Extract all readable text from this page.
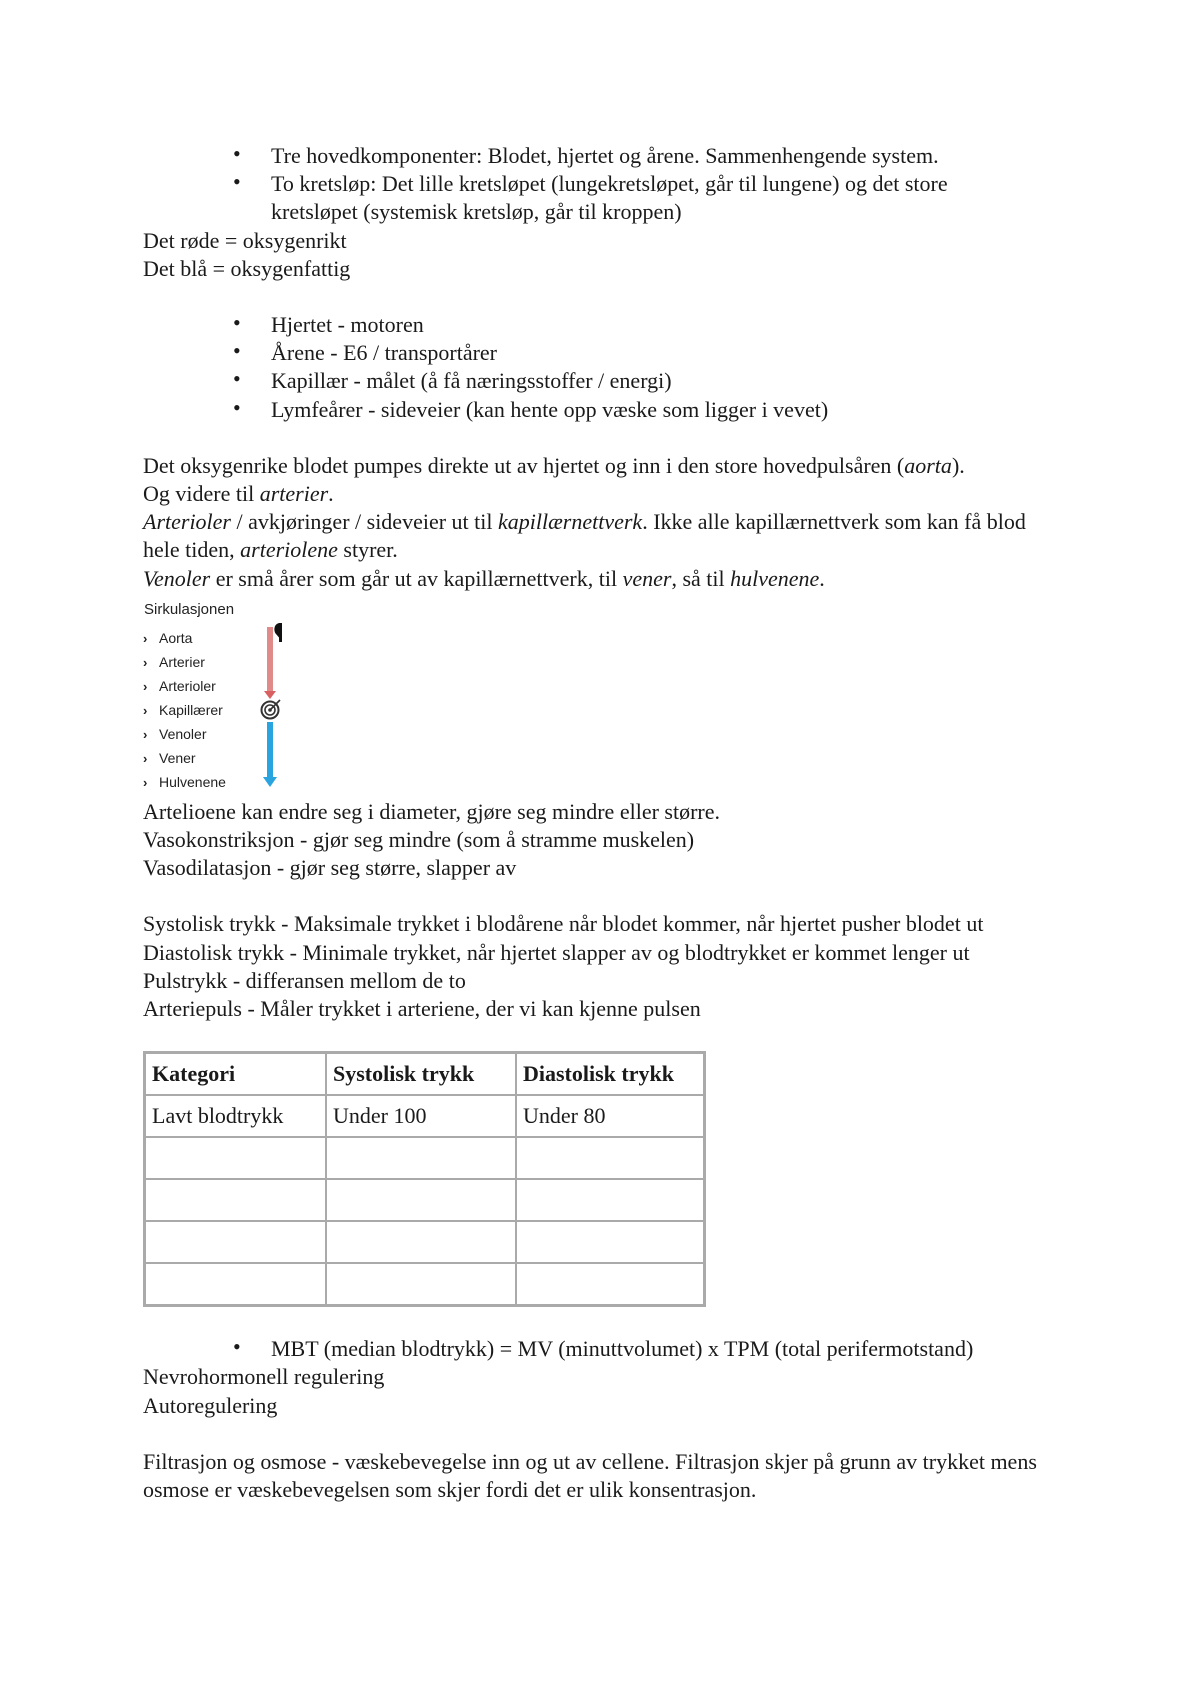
• Tre hovedkomponenter: Blodet, hjertet og årene. Sammenhengende system.
• To kretsløp: Det lille kretsløpet (lungekretsløpet, går til lungene) og det store kretsløpet (systemisk kretsløp, går til kroppen)

Det røde = oksygenrikt

Det blå = oksygenfattig

• Hjertet - motoren
• Årene - E6 / transportårer
• Kapillær - målet (å få næringsstoffer / energi)
• Lymfeårer - sideveier (kan hente opp væske som ligger i vevet)

Det oksygenrike blodet pumpes direkte ut av hjertet og inn i den store hovedpulsåren (aorta).

Og videre til arterier.

Arterioler / avkjøringer / sideveier ut til kapillærnettverk. Ikke alle kapillærnettverk som kan få blod hele tiden, arteriolene styrer.

Venoler er små årer som går ut av kapillærnettverk, til vener, så til hulvenene.

Sirkulasjonen
› Aorta
› Arterier
› Arterioler
› Kapillærer
› Venoler
› Vener
› Hulvenene

Artelioene kan endre seg i diameter, gjøre seg mindre eller større.

Vasokonstriksjon - gjør seg mindre (som å stramme muskelen)

Vasodilatasjon - gjør seg større, slapper av

Systolisk trykk - Maksimale trykket i blodårene når blodet kommer, når hjertet pusher blodet ut

Diastolisk trykk - Minimale trykket, når hjertet slapper av og blodtrykket er kommet lenger ut

Pulstrykk - differansen mellom de to

Arteriepuls - Måler trykket i arteriene, der vi kan kjenne pulsen

Kategori	Systolisk trykk	Diastolisk trykk
Lavt blodtrykk	Under 100	Under 80

• MBT (median blodtrykk) = MV (minuttvolumet) x TPM (total perifermotstand)

Nevrohormonell regulering

Autoregulering

Filtrasjon og osmose - væskebevegelse inn og ut av cellene. Filtrasjon skjer på grunn av trykket mens osmose er væskebevegelsen som skjer fordi det er ulik konsentrasjon.
